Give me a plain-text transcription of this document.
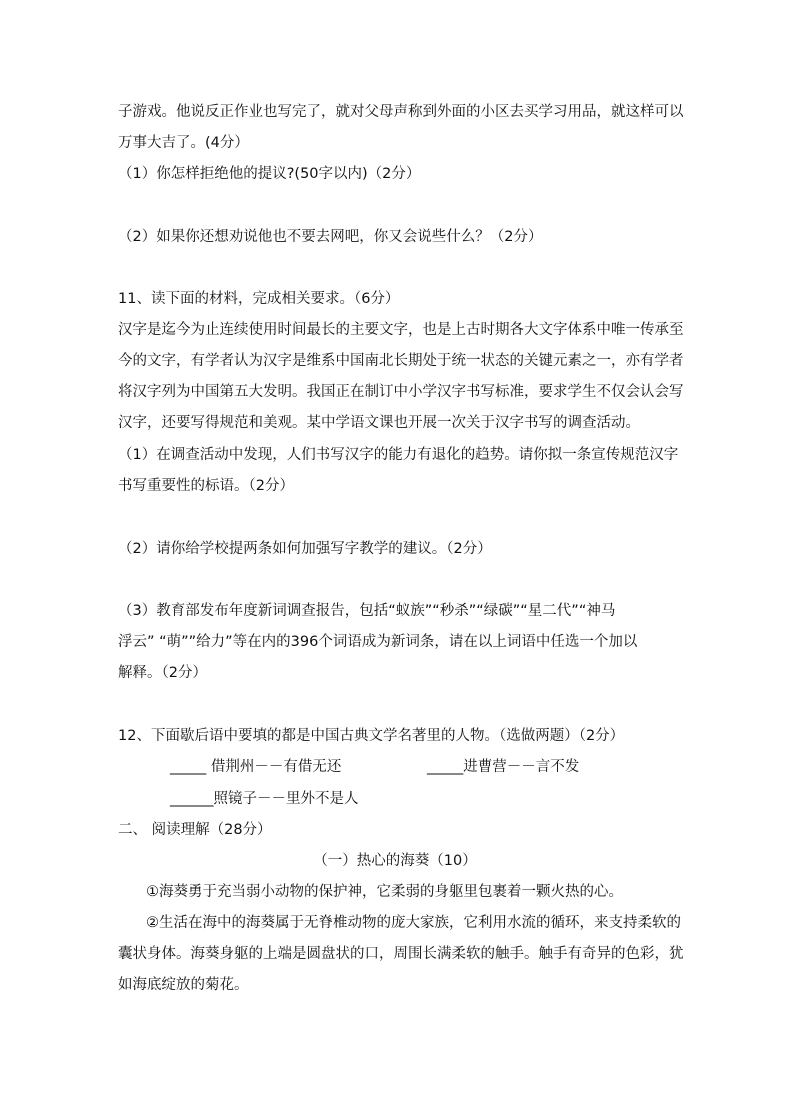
子游戏。他说反正作业也写完了，就对父母声称到外面的小区去买学习用品，就这样可以
万事大吉了。(4分）
（1）你怎样拒绝他的提议?(50字以内)（2分）
（2）如果你还想劝说他也不要去网吧，你又会说些什么？（2分）
11、读下面的材料，完成相关要求。（6分）
汉字是迄今为止连续使用时间最长的主要文字，也是上古时期各大文字体系中唯一传承至
今的文字，有学者认为汉字是维系中国南北长期处于统一状态的关键元素之一，亦有学者
将汉字列为中国第五大发明。我国正在制订中小学汉字书写标准，要求学生不仅会认会写
汉字，还要写得规范和美观。某中学语文课也开展一次关于汉字书写的调查活动。
（1）在调查活动中发现，人们书写汉字的能力有退化的趋势。请你拟一条宣传规范汉字
书写重要性的标语。（2分）
（2）请你给学校提两条如何加强写字教学的建议。（2分）
（3）教育部发布年度新词调查报告，包括“蚁族”“秒杀”“绿碳”“星二代”“神马
浮云” “萌””给力”等在内的396个词语成为新词条，请在以上词语中任选一个加以
解释。（2分）
12、下面歇后语中要填的都是中国古典文学名著里的人物。（选做两题）（2分）
_____ 借荆州－－有借无还	_____进曹营－－言不发
______照镜子－－里外不是人
二、 阅读理解（28分）
（一）热心的海葵（10）
①海葵勇于充当弱小动物的保护神，它柔弱的身躯里包裹着一颗火热的心。
②生活在海中的海葵属于无脊椎动物的庞大家族，它利用水流的循环，来支持柔软的
囊状身体。海葵身躯的上端是圆盘状的口，周围长满柔软的触手。触手有奇异的色彩，犹
如海底绽放的菊花。
